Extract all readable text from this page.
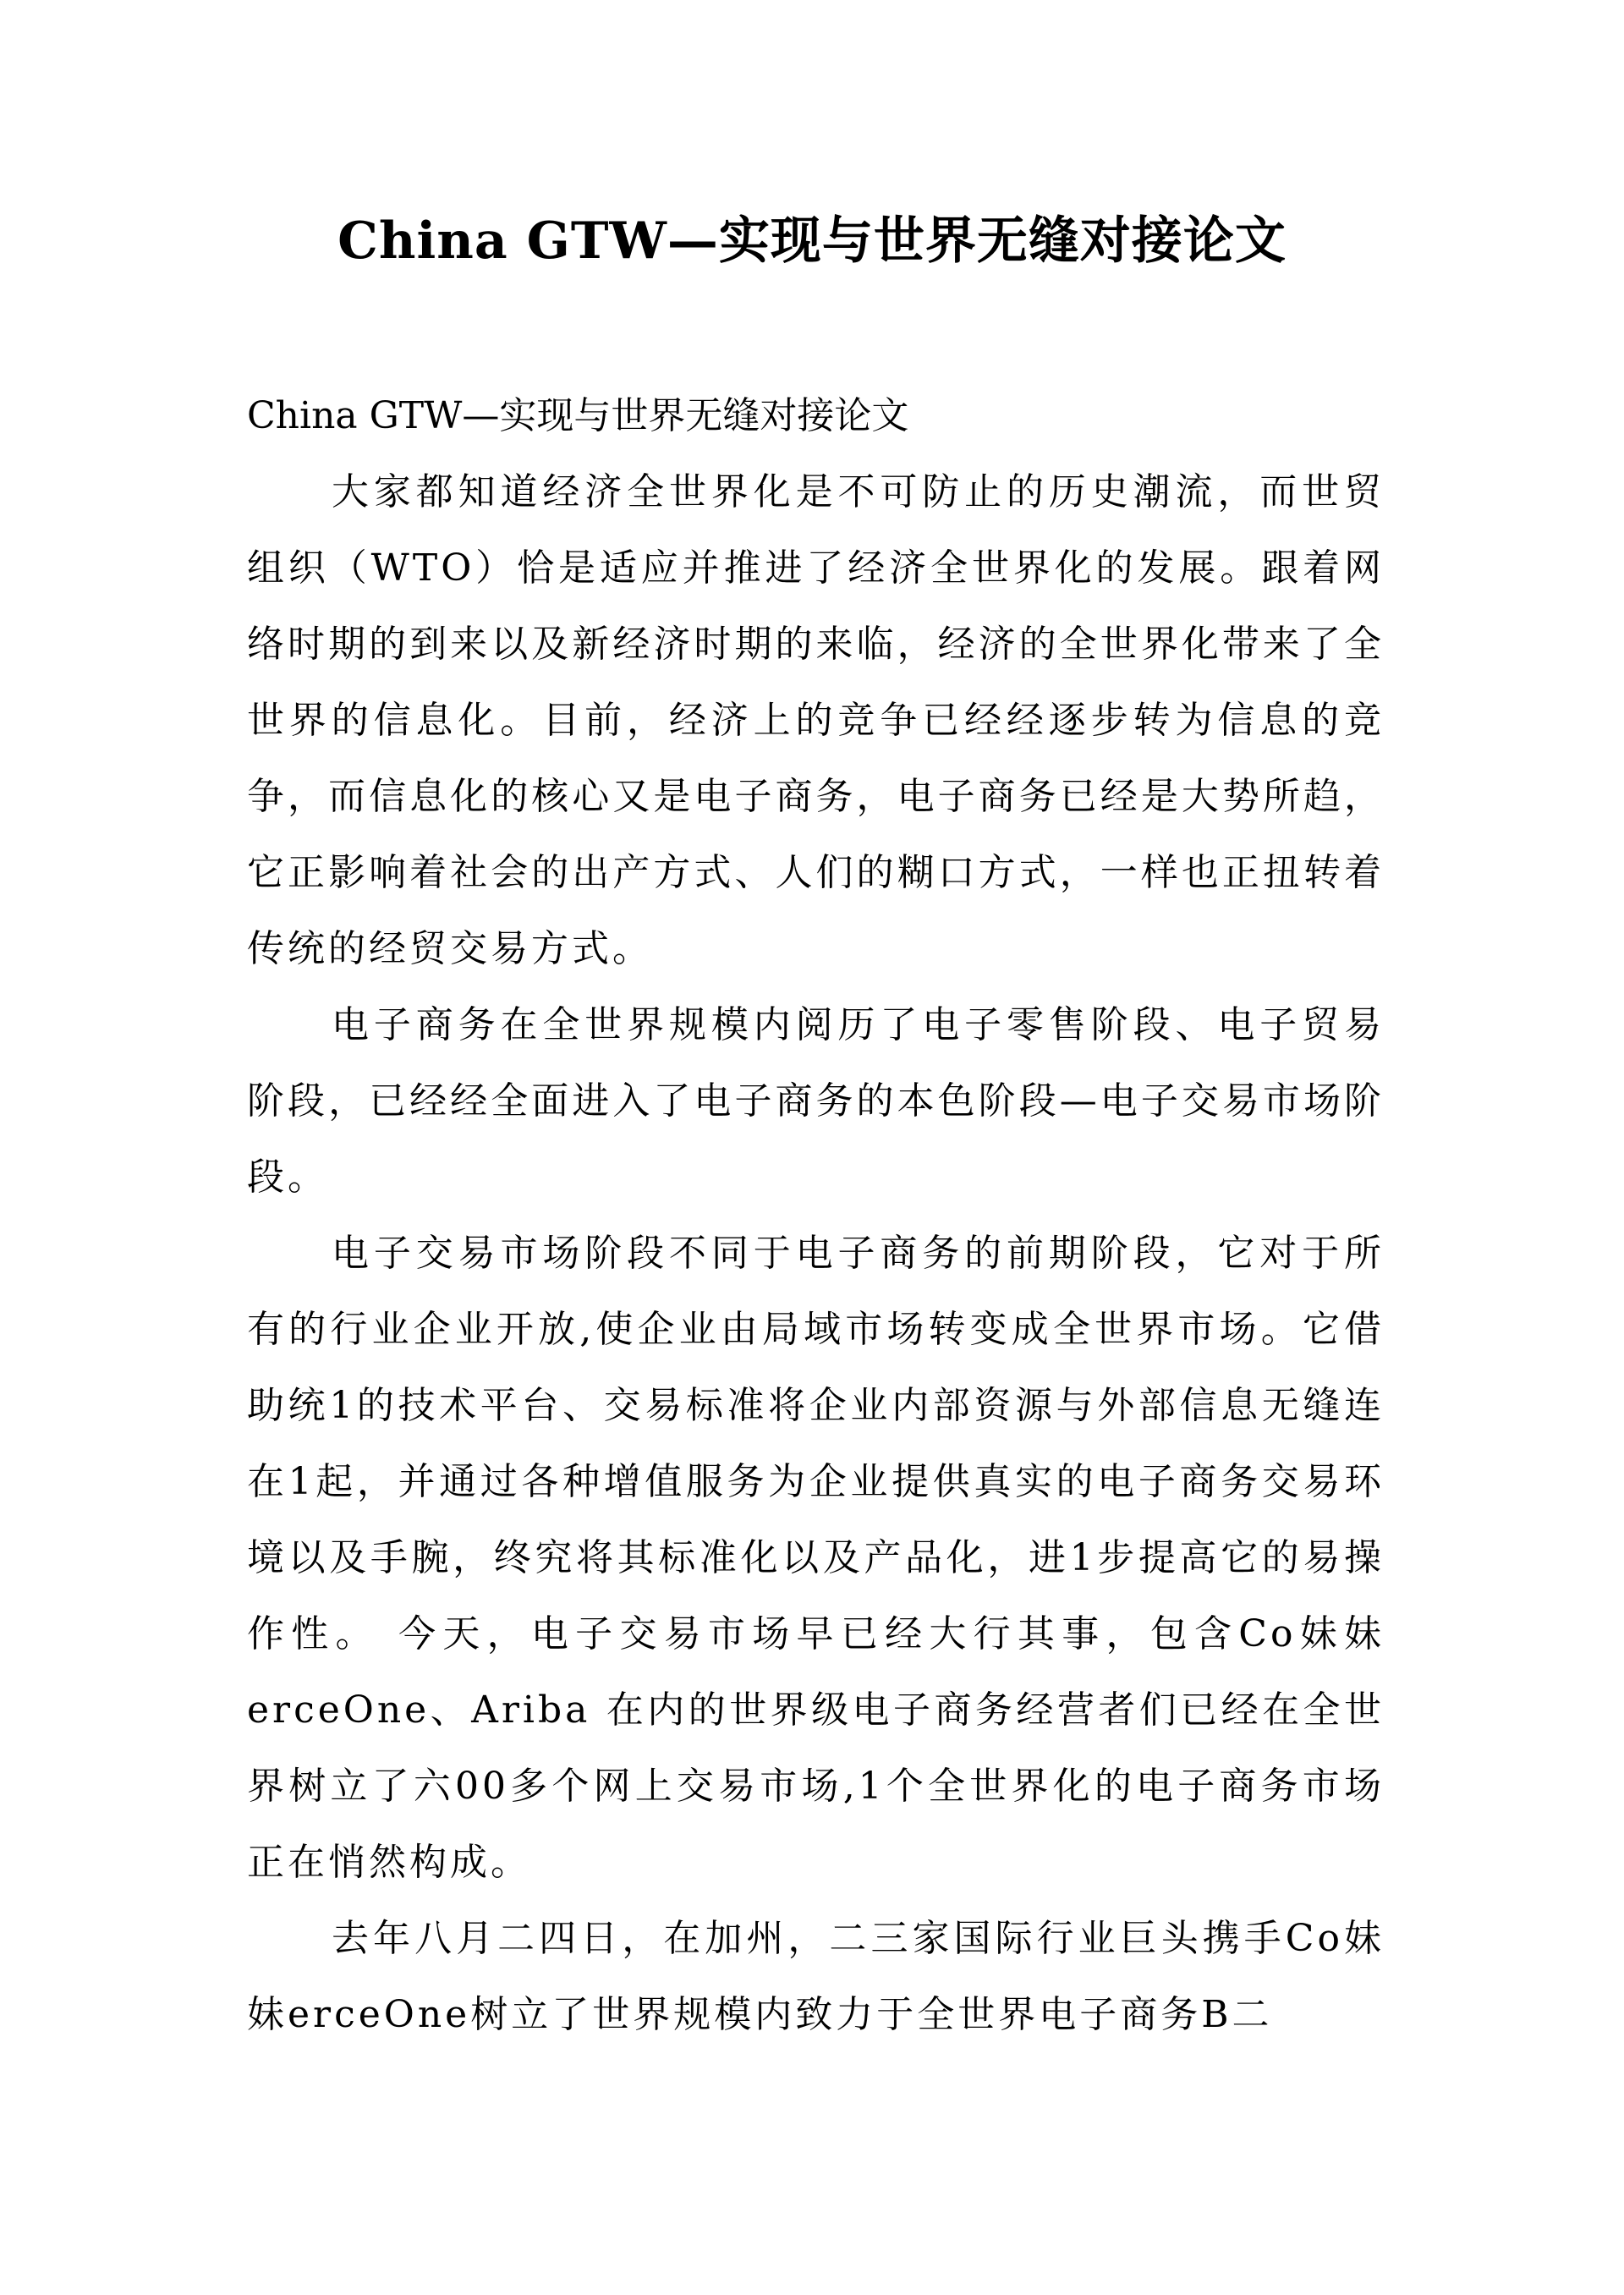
China GTW—实现与世界无缝对接论文

China GTW—实现与世界无缝对接论文

大家都知道经济全世界化是不可防止的历史潮流，而世贸组织（WTO）恰是适应并推进了经济全世界化的发展。跟着网络时期的到来以及新经济时期的来临，经济的全世界化带来了全世界的信息化。目前，经济上的竞争已经经逐步转为信息的竞争，而信息化的核心又是电子商务，电子商务已经是大势所趋，它正影响着社会的出产方式、人们的糊口方式，一样也正扭转着传统的经贸交易方式。

电子商务在全世界规模内阅历了电子零售阶段、电子贸易阶段，已经经全面进入了电子商务的本色阶段—电子交易市场阶段。

电子交易市场阶段不同于电子商务的前期阶段，它对于所有的行业企业开放,使企业由局域市场转变成全世界市场。它借助统1的技术平台、交易标准将企业内部资源与外部信息无缝连在1起，并通过各种增值服务为企业提供真实的电子商务交易环境以及手腕，终究将其标准化以及产品化，进1步提高它的易操作性。 今天，电子交易市场早已经大行其事，包含Co妹妹erceOne、Ariba 在内的世界级电子商务经营者们已经在全世界树立了六00多个网上交易市场,1个全世界化的电子商务市场正在悄然构成。

去年八月二四日，在加州，二三家国际行业巨头携手Co妹妹erceOne树立了世界规模内致力于全世界电子商务B二
